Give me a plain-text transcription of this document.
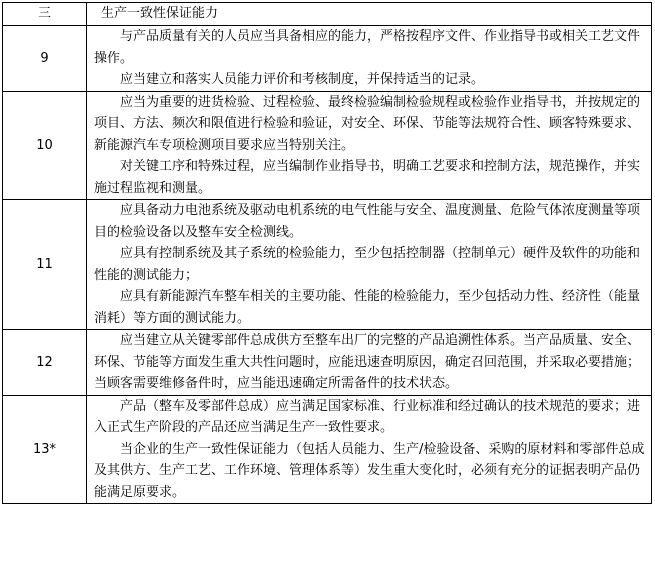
三	生产一致性保证能力
9	与产品质量有关的人员应当具备相应的能力，严格按程序文件、作业指导书或相关工艺文件操作。

应当建立和落实人员能力评价和考核制度，并保持适当的记录。

10	应当为重要的进货检验、过程检验、最终检验编制检验规程或检验作业指导书，并按规定的项目、方法、频次和限值进行检验和验证，对安全、环保、节能等法规符合性、顾客特殊要求、新能源汽车专项检测项目要求应当特别关注。

对关键工序和特殊过程，应当编制作业指导书，明确工艺要求和控制方法，规范操作，并实施过程监视和测量。

11	应具备动力电池系统及驱动电机系统的电气性能与安全、温度测量、危险气体浓度测量等项目的检验设备以及整车安全检测线。

应具有控制系统及其子系统的检验能力，至少包括控制器（控制单元）硬件及软件的功能和性能的测试能力；

应具有新能源汽车整车相关的主要功能、性能的检验能力，至少包括动力性、经济性（能量消耗）等方面的测试能力。

12	应当建立从关键零部件总成供方至整车出厂的完整的产品追溯性体系。当产品质量、安全、环保、节能等方面发生重大共性问题时，应能迅速查明原因，确定召回范围，并采取必要措施；当顾客需要维修备件时，应当能迅速确定所需备件的技术状态。

13*	产品（整车及零部件总成）应当满足国家标准、行业标准和经过确认的技术规范的要求；进入正式生产阶段的产品还应当满足生产一致性要求。

当企业的生产一致性保证能力（包括人员能力、生产/检验设备、采购的原材料和零部件总成及其供方、生产工艺、工作环境、管理体系等）发生重大变化时，必须有充分的证据表明产品仍能满足原要求。
